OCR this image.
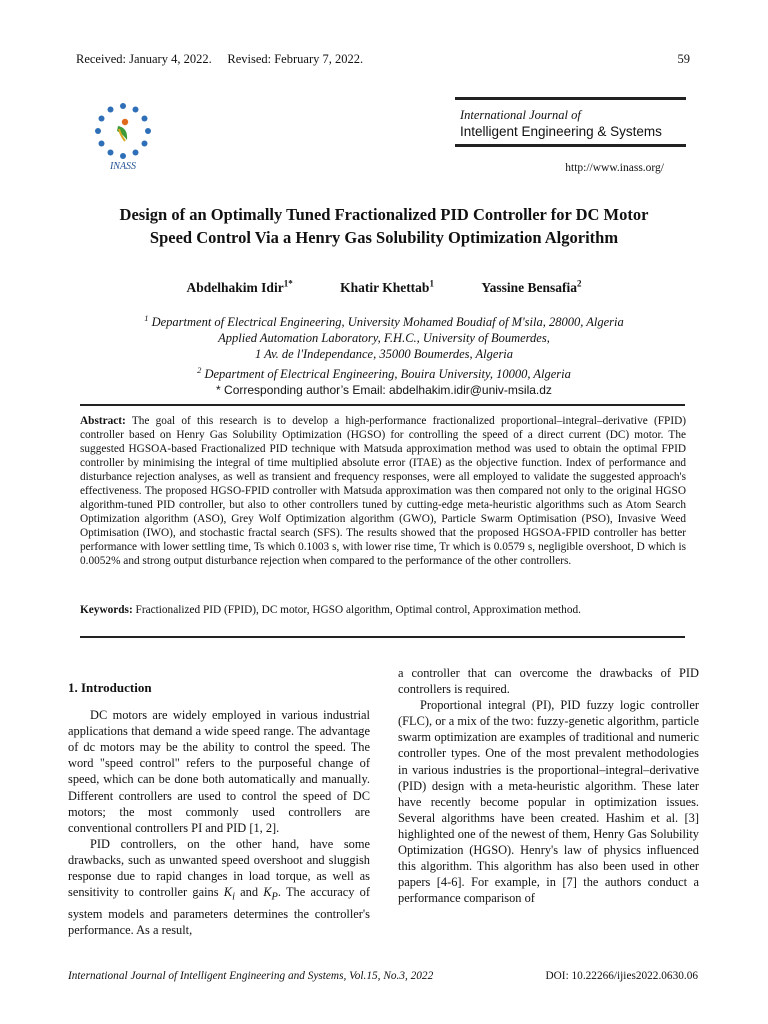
Received: January 4, 2022. Revised: February 7, 2022.	59
INASS
International Journal of
Intelligent Engineering & Systems
http://www.inass.org/
Design of an Optimally Tuned Fractionalized PID Controller for DC Motor
Speed Control Via a Henry Gas Solubility Optimization Algorithm
Abdelhakim Idir$^{1*}$	Khatir Khettab$^1$	Yassine Bensafia$^2$
$^1$ Department of Electrical Engineering, University Mohamed Boudiaf of M'sila, 28000, Algeria
Applied Automation Laboratory, F.H.C., University of Boumerdes,
1 Av. de l'Independance, 35000 Boumerdes, Algeria
$^2$ Department of Electrical Engineering, Bouira University, 10000, Algeria
* Corresponding author’s Email: abdelhakim.idir@univ-msila.dz
Abstract: The goal of this research is to develop a high-performance fractionalized proportional–integral–derivative (FPID) controller based on Henry Gas Solubility Optimization (HGSO) for controlling the speed of a direct current (DC) motor. The suggested HGSOA-based Fractionalized PID technique with Matsuda approximation method was used to obtain the optimal FPID controller by minimising the integral of time multiplied absolute error (ITAE) as the objective function. Index of performance and disturbance rejection analyses, as well as transient and frequency responses, were all employed to validate the suggested approach's effectiveness. The proposed HGSO-FPID controller with Matsuda approximation was then compared not only to the original HGSO algorithm-tuned PID controller, but also to other controllers tuned by cutting-edge meta-heuristic algorithms such as Atom Search Optimization algorithm (ASO), Grey Wolf Optimization algorithm (GWO), Particle Swarm Optimisation (PSO), Invasive Weed Optimisation (IWO), and stochastic fractal search (SFS). The results showed that the proposed HGSOA-FPID controller has better performance with lower settling time, Ts which 0.1003 s, with lower rise time, Tr which is 0.0579 s, negligible overshoot, D which is 0.0052% and strong output disturbance rejection when compared to the performance of the other controllers.
Keywords: Fractionalized PID (FPID), DC motor, HGSO algorithm, Optimal control, Approximation method.
1. Introduction

DC motors are widely employed in various industrial applications that demand a wide speed range. The advantage of dc motors may be the ability to control the speed. The word "speed control" refers to the purposeful change of speed, which can be done both automatically and manually. Different controllers are used to control the speed of DC motors; the most commonly used controllers are conventional controllers PI and PID [1, 2].

PID controllers, on the other hand, have some drawbacks, such as unwanted speed overshoot and sluggish response due to rapid changes in load torque, as well as sensitivity to controller gains $K_i$ and $K_P$. The accuracy of system models and parameters determines the controller's performance. As a result,

a controller that can overcome the drawbacks of PID controllers is required.

Proportional integral (PI), PID fuzzy logic controller (FLC), or a mix of the two: fuzzy-genetic algorithm, particle swarm optimization are examples of traditional and numeric controller types. One of the most prevalent methodologies in various industries is the proportional–integral–derivative (PID) design with a meta-heuristic algorithm. These later have recently become popular in optimization issues. Several algorithms have been created. Hashim et al. [3] highlighted one of the newest of them, Henry Gas Solubility Optimization (HGSO). Henry's law of physics influenced this algorithm. This algorithm has also been used in other papers [4-6]. For example, in [7] the authors conduct a performance comparison of

International Journal of Intelligent Engineering and Systems, Vol.15, No.3, 2022	DOI: 10.22266/ijies2022.0630.06
